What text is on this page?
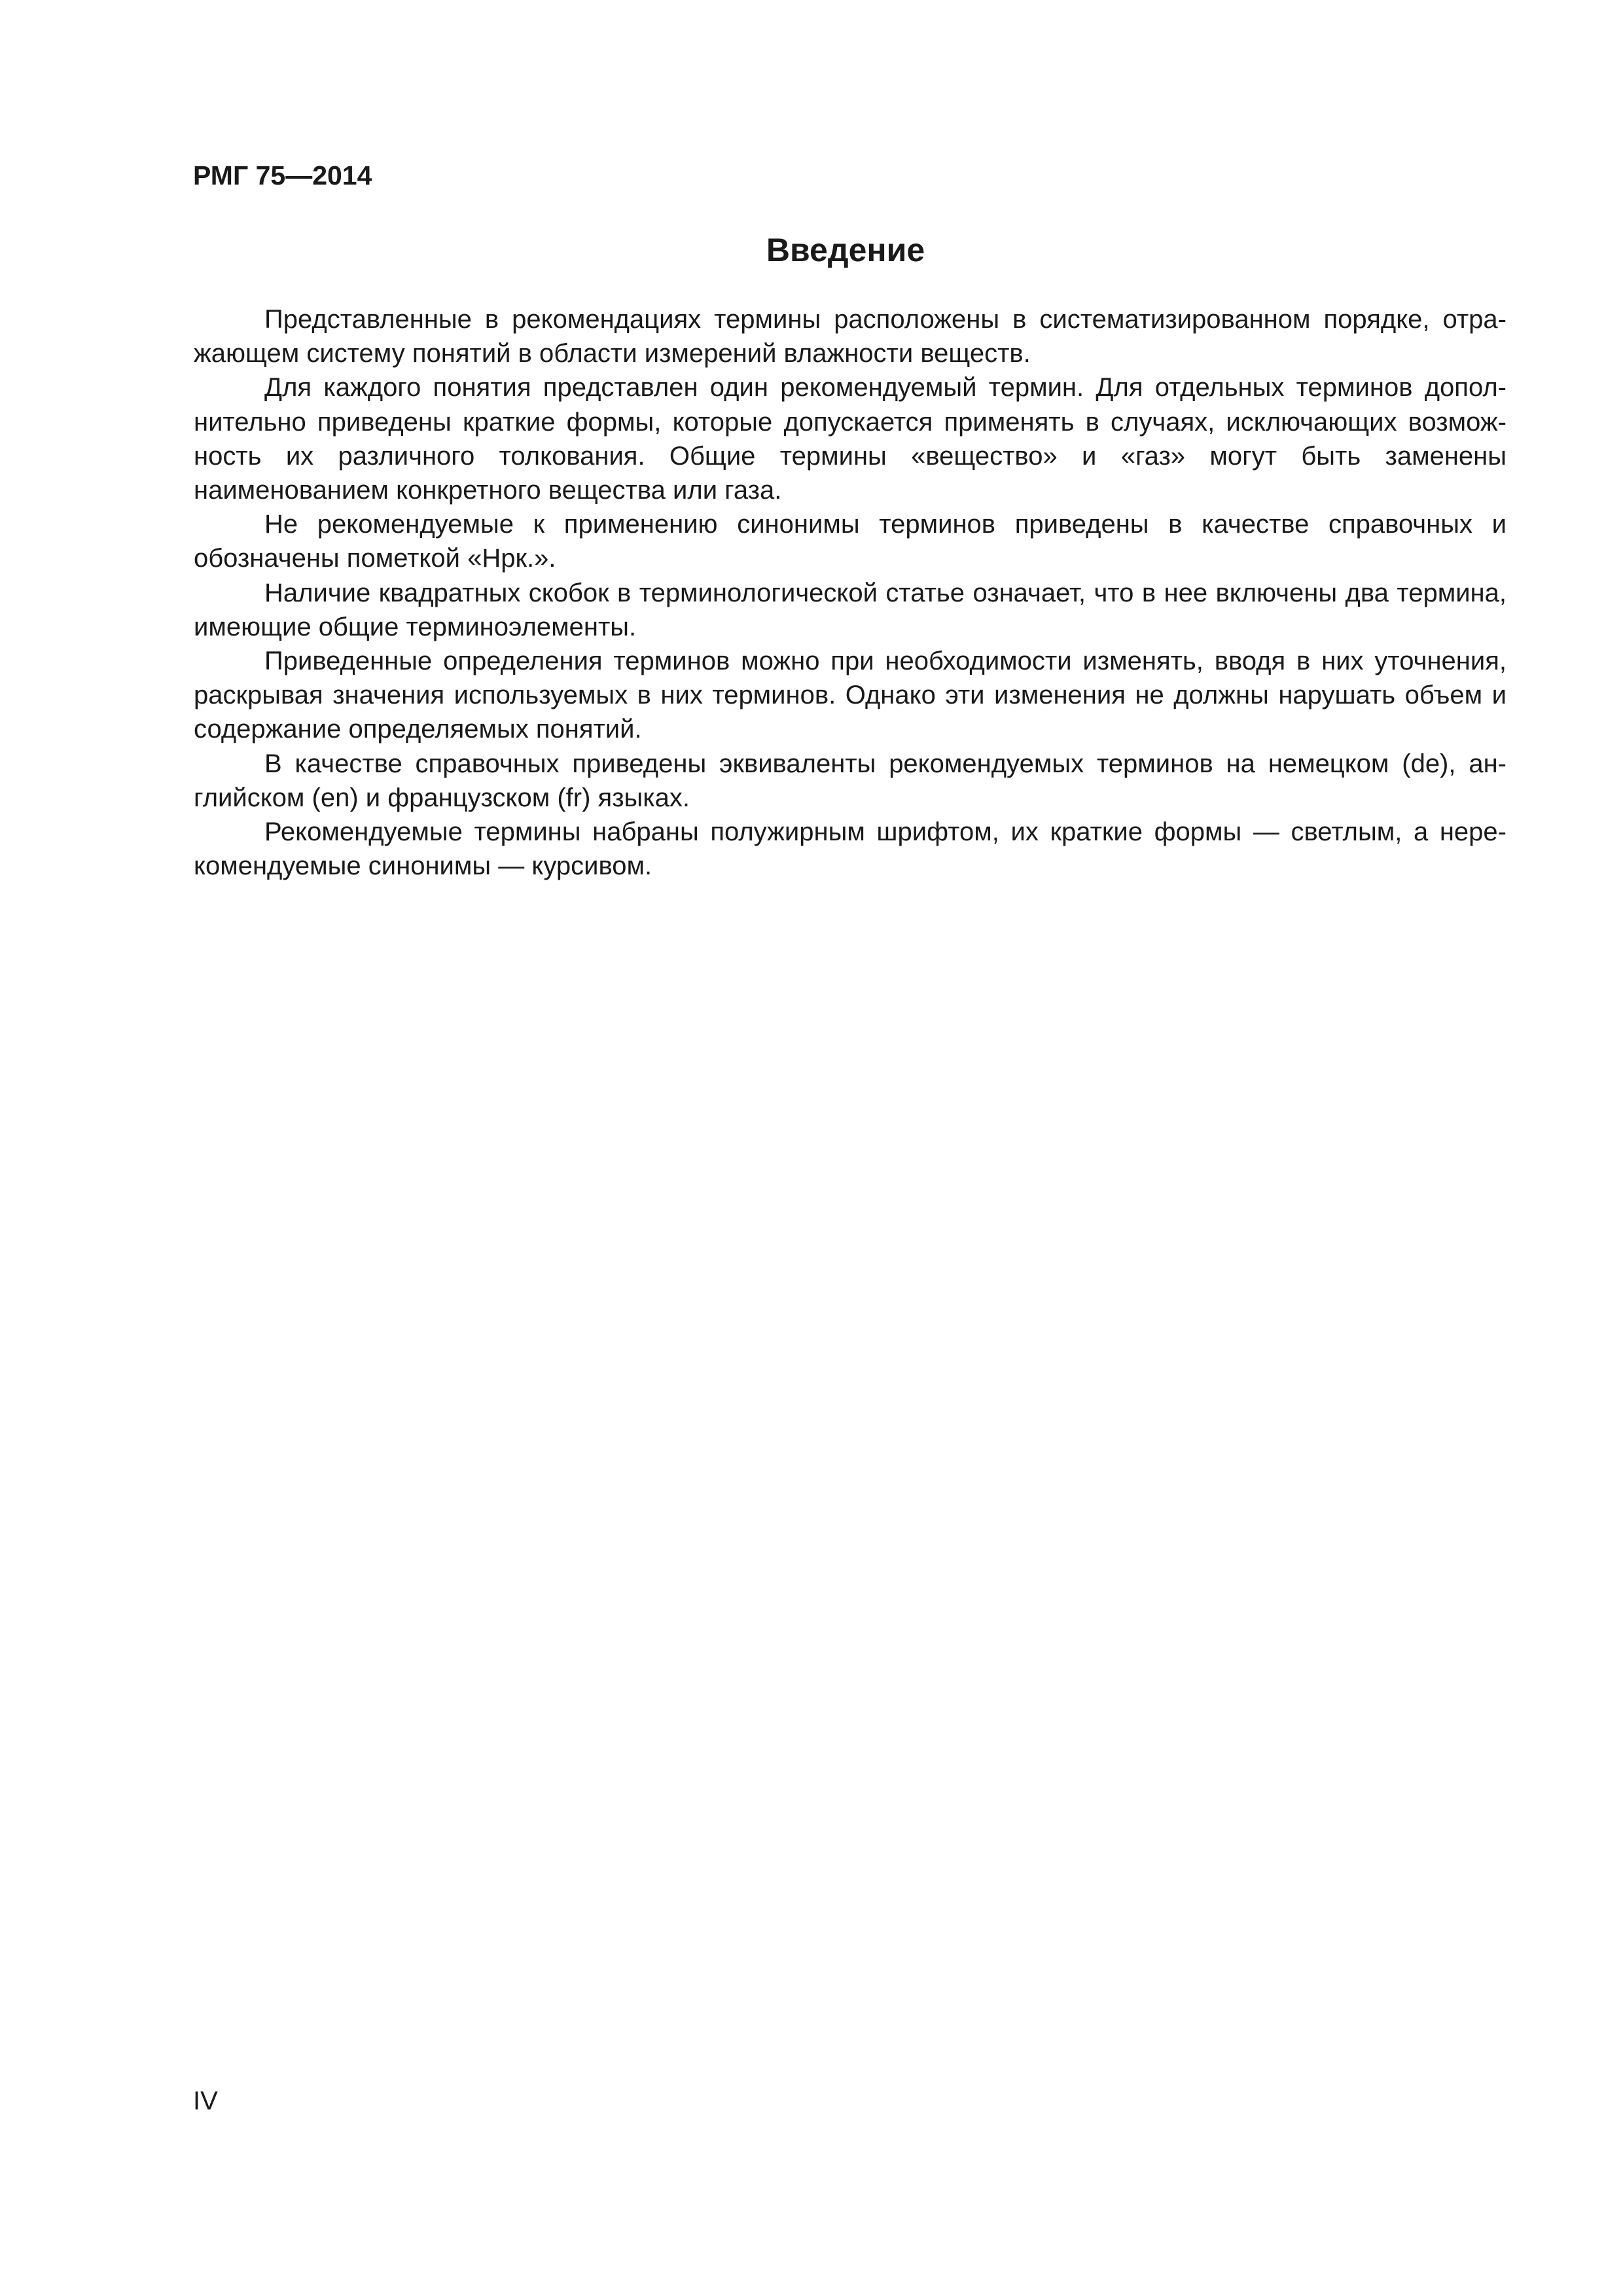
РМГ 75—2014
Введение

Представленные в рекомендациях термины расположены в систематизированном порядке, отражающем систему понятий в области измерений влажности веществ.

Для каждого понятия представлен один рекомендуемый термин. Для отдельных терминов дополнительно приведены краткие формы, которые допускается применять в случаях, исключающих возможность их различного толкования. Общие термины «вещество» и «газ» могут быть заменены наименованием конкретного вещества или газа.

Не рекомендуемые к применению синонимы терминов приведены в качестве справочных и обозначены пометкой «Нрк.».

Наличие квадратных скобок в терминологической статье означает, что в нее включены два термина, имеющие общие терминоэлементы.

Приведенные определения терминов можно при необходимости изменять, вводя в них уточнения, раскрывая значения используемых в них терминов. Однако эти изменения не должны нарушать объем и содержание определяемых понятий.

В качестве справочных приведены эквиваленты рекомендуемых терминов на немецком (de), английском (en) и французском (fr) языках.

Рекомендуемые термины набраны полужирным шрифтом, их краткие формы — светлым, а нерекомендуемые синонимы — курсивом.

IV
